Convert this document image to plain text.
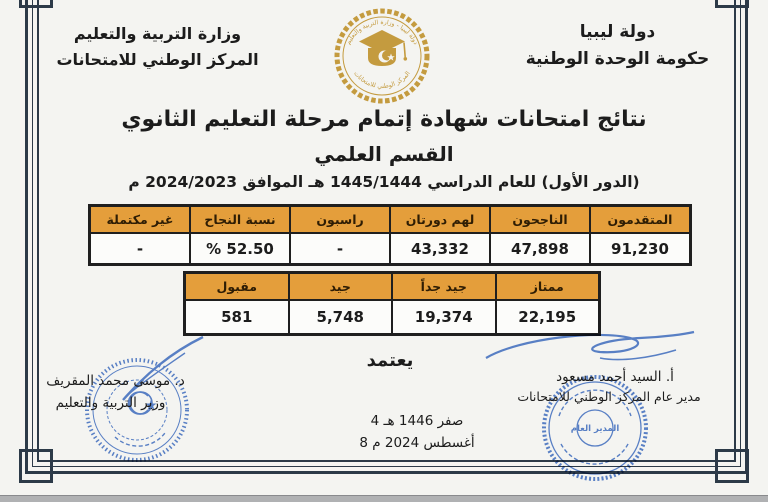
دولة ليبيا
حكومة الوحدة الوطنية
وزارة التربية والتعليم
المركز الوطني للامتحانات
دولة ليبيا - وزارة التربية والتعليم
المركز الوطني للامتحانات
نتائج امتحانات شهادة إتمام مرحلة التعليم الثانوي
القسم العلمي
(الدور الأول) للعام الدراسي 1445/1444 هـ الموافق 2024/2023 م
المتقدمون
الناجحون
لهم دورتان
راسبون
نسبة النجاح
غير مكتملة
91,230
47,898
43,332
-
% 52.50
-
ممتاز
جيد جداً
جيد
مقبول
22,195
19,374
5,748
581
يعتمد
4 صفر 1446 هـ
8 أغسطس 2024 م
د. موسى محمد المقريف
وزير التربية والتعليم
أ. السيد أحمد مسعود
مدير عام المركز الوطني للامتحانات
المدير العام
